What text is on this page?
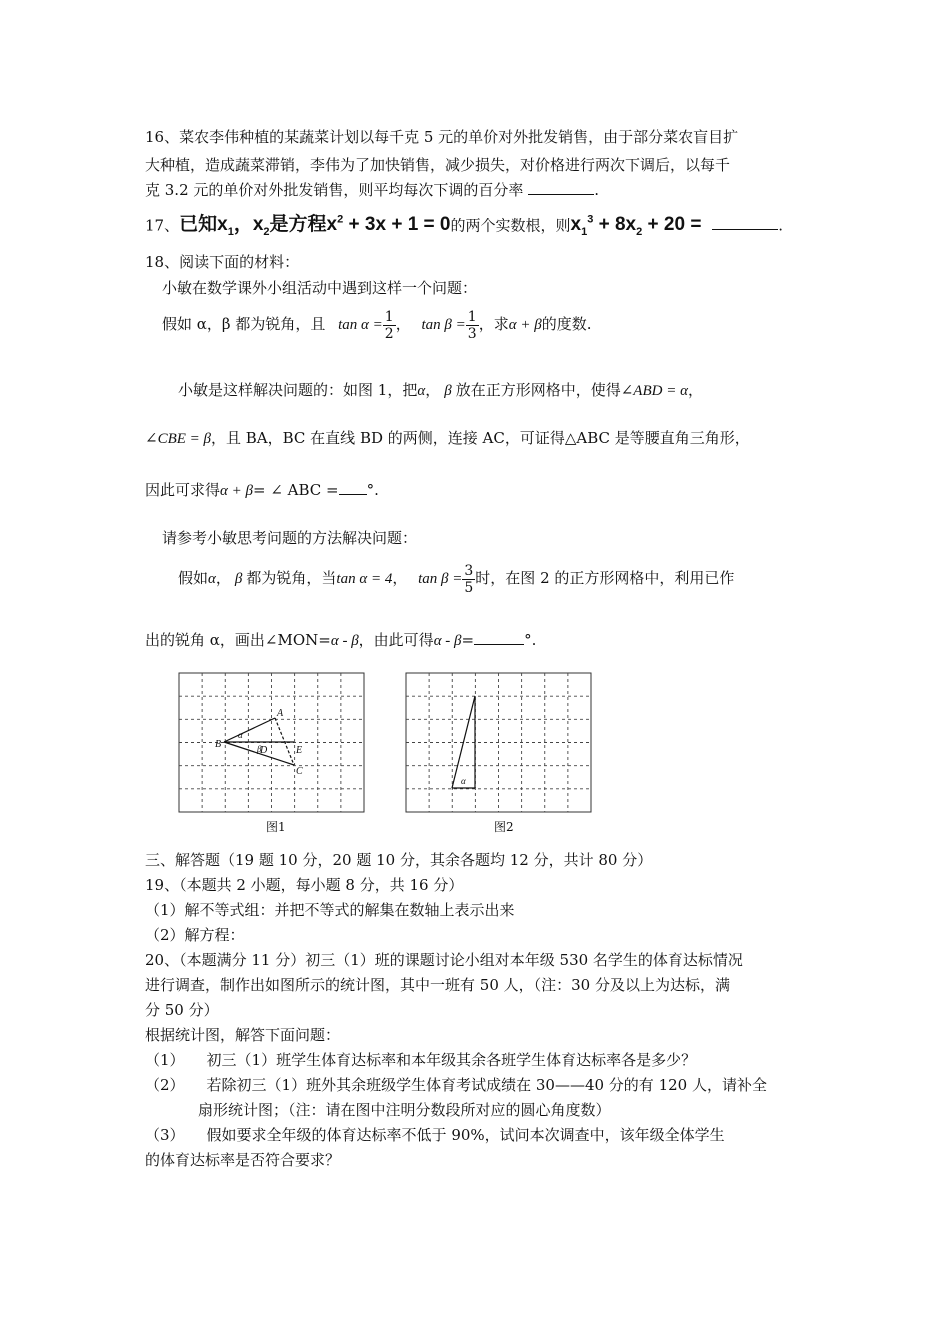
16、菜农李伟种植的某蔬菜计划以每千克 5 元的单价对外批发销售，由于部分菜农盲目扩
大种植，造成蔬菜滞销，李伟为了加快销售，减少损失，对价格进行两次下调后，以每千
克 3.2 元的单价对外批发销售，则平均每次下调的百分率	.
17、已知$x_1$，$x_2$是方程$x^2 + 3x + 1 = 0$的两个实数根，则$x_1^3 + 8x_2 + 20$ =	.
18、阅读下面的材料：
小敏在数学课外小组活动中遇到这样一个问题：
假如 α，β 都为锐角，且 $\tan \alpha = \frac{1}{2}$ ， $\tan \beta = \frac{1}{3}$ ，求α + β的度数.
小敏是这样解决问题的：如图 1，把α， β 放在正方形网格中，使得∠ABD = α，
∠CBE = β，且 BA，BC 在直线 BD 的两侧，连接 AC，可证得△ABC 是等腰直角三角形，
因此可求得α + β= ∠ ABC = °.
请参考小敏思考问题的方法解决问题：
假如α， β 都为锐角，当tan α = 4， $\tan \beta = \frac{3}{5}$ 时，在图 2 的正方形网格中，利用已作
出的锐角 α，画出∠MON=α - β，由此可得α - β=	°.
A
B
C
D	E
α
β
图1
α
图2
三、解答题（19 题 10 分，20 题 10 分，其余各题均 12 分，共计 80 分）
19、（本题共 2 小题，每小题 8 分，共 16 分）
（1）解不等式组：并把不等式的解集在数轴上表示出来
（2）解方程：
20、（本题满分 11 分）初三（1）班的课题讨论小组对本年级 530 名学生的体育达标情况
进行调查，制作出如图所示的统计图，其中一班有 50 人，（注：30 分及以上为达标，满
分 50 分）
根据统计图，解答下面问题：
（1） 初三（1）班学生体育达标率和本年级其余各班学生体育达标率各是多少？
（2） 若除初三（1）班外其余班级学生体育考试成绩在 30——40 分的有 120 人，请补全
扇形统计图；（注：请在图中注明分数段所对应的圆心角度数）
（3） 假如要求全年级的体育达标率不低于 90%，试问本次调查中，该年级全体学生
的体育达标率是否符合要求？
